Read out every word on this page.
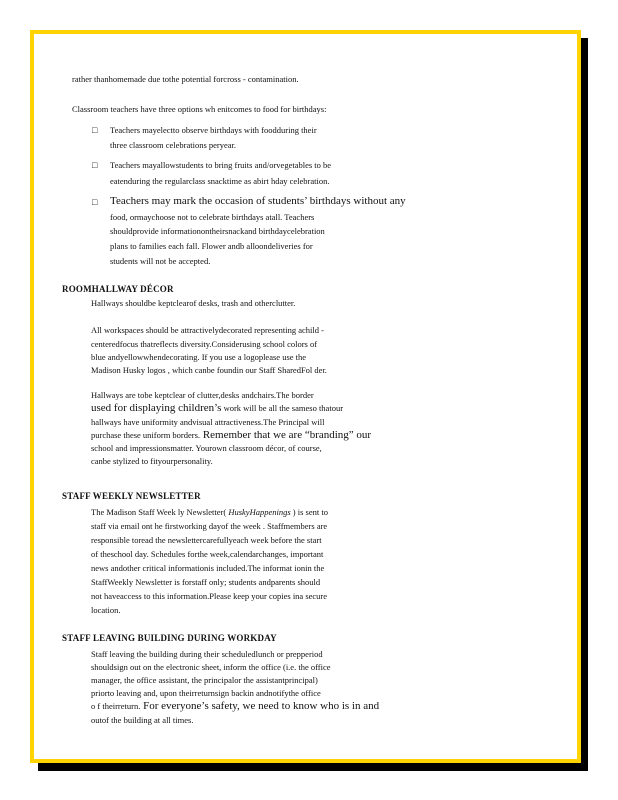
rather thanhomemade due tothe potential forcross - contamination.
Classroom teachers have three options wh enitcomes to food for birthdays:
□ Teachers mayelectto observe birthdays with foodduring their
three classroom celebrations peryear.
□ Teachers mayallowstudents to bring fruits and/orvegetables to be
eatenduring the regularclass snacktime as abirt hday celebration.
□ Teachers may mark the occasion of students’ birthdays without any
food, ormaychoose not to celebrate birthdays atall. Teachers
shouldprovide informationontheirsnackand birthdaycelebration
plans to families each fall. Flower andb alloondeliveries for
students will not be accepted.
ROOMHALLWAY DÉCOR
Hallways shouldbe keptclearof desks, trash and otherclutter.
All workspaces should be attractivelydecorated representing achild -
centeredfocus thatreflects diversity.Considerusing school colors of
blue andyellowwhendecorating. If you use a logoplease use the
Madison Husky logos , which canbe foundin our Staff SharedFol der.
Hallways are tobe keptclear of clutter,desks andchairs.The border
used for displaying children’s work will be all the sameso thatour
hallways have uniformity andvisual attractiveness.The Principal will
purchase these uniform borders. Remember that we are “branding” our
school and impressionsmatter. Yourown classroom décor, of course,
canbe stylized to fityourpersonality.
STAFF WEEKLY NEWSLETTER
The Madison Staff Week ly Newsletter( HuskyHappenings ) is sent to
staff via email ont he firstworking dayof the week . Staffmembers are
responsible toread the newslettercarefullyeach week before the start
of theschool day. Schedules forthe week,calendarchanges, important
news andother critical informationis included.The informat ionin the
StaffWeekly Newsletter is forstaff only; students andparents should
not haveaccess to this information.Please keep your copies ina secure
location.
STAFF LEAVING BUILDING DURING WORKDAY
Staff leaving the building during their scheduledlunch or prepperiod
shouldsign out on the electronic sheet, inform the office (i.e. the office
manager, the office assistant, the principalor the assistantprincipal)
priorto leaving and, upon theirreturnsign backin andnotifythe office
o f theirreturn. For everyone’s safety, we need to know who is in and
outof the building at all times.
